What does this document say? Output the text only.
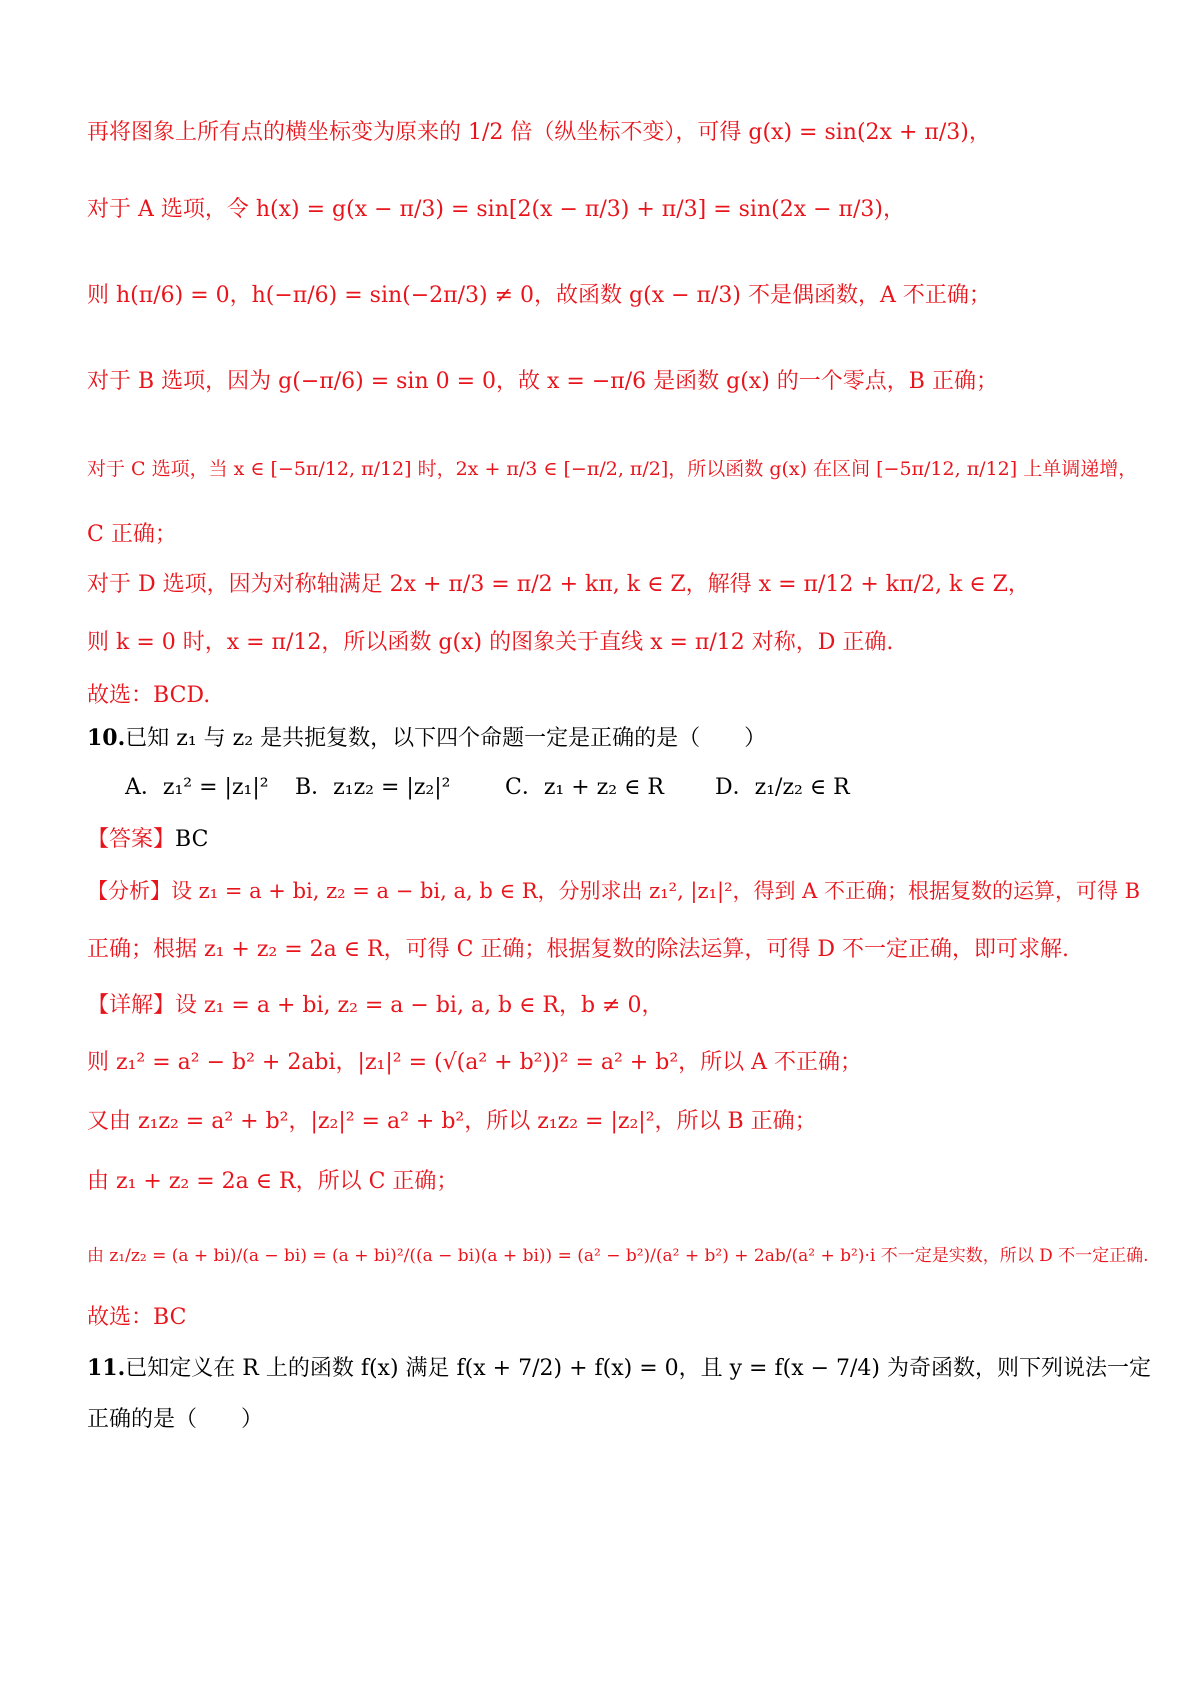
再将图象上所有点的横坐标变为原来的 1/2 倍（纵坐标不变），可得 g(x) = sin(2x + π/3)，
对于 A 选项，令 h(x) = g(x − π/3) = sin[2(x − π/3) + π/3] = sin(2x − π/3)，
则 h(π/6) = 0，h(−π/6) = sin(−2π/3) ≠ 0，故函数 g(x − π/3) 不是偶函数，A 不正确；
对于 B 选项，因为 g(−π/6) = sin 0 = 0，故 x = −π/6 是函数 g(x) 的一个零点，B 正确；
对于 C 选项，当 x ∈ [−5π/12, π/12] 时，2x + π/3 ∈ [−π/2, π/2]，所以函数 g(x) 在区间 [−5π/12, π/12] 上单调递增，
C 正确；
对于 D 选项，因为对称轴满足 2x + π/3 = π/2 + kπ, k ∈ Z，解得 x = π/12 + kπ/2, k ∈ Z，
则 k = 0 时，x = π/12，所以函数 g(x) 的图象关于直线 x = π/12 对称，D 正确.
故选：BCD.
10.已知 z₁ 与 z₂ 是共扼复数，以下四个命题一定是正确的是（　　）
A．z₁² = |z₁|² B．z₁z₂ = |z₂|² C．z₁ + z₂ ∈ R D．z₁/z₂ ∈ R
【答案】BC
【分析】设 z₁ = a + bi, z₂ = a − bi, a, b ∈ R，分别求出 z₁², |z₁|²，得到 A 不正确；根据复数的运算，可得 B
正确；根据 z₁ + z₂ = 2a ∈ R，可得 C 正确；根据复数的除法运算，可得 D 不一定正确，即可求解.
【详解】设 z₁ = a + bi, z₂ = a − bi, a, b ∈ R，b ≠ 0，
则 z₁² = a² − b² + 2abi，|z₁|² = (√(a² + b²))² = a² + b²，所以 A 不正确；
又由 z₁z₂ = a² + b²，|z₂|² = a² + b²，所以 z₁z₂ = |z₂|²，所以 B 正确；
由 z₁ + z₂ = 2a ∈ R，所以 C 正确；
由 z₁/z₂ = (a + bi)/(a − bi) = (a + bi)²/((a − bi)(a + bi)) = (a² − b²)/(a² + b²) + 2ab/(a² + b²)·i 不一定是实数，所以 D 不一定正确.
故选：BC
11.已知定义在 R 上的函数 f(x) 满足 f(x + 7/2) + f(x) = 0，且 y = f(x − 7/4) 为奇函数，则下列说法一定
正确的是（　　）
